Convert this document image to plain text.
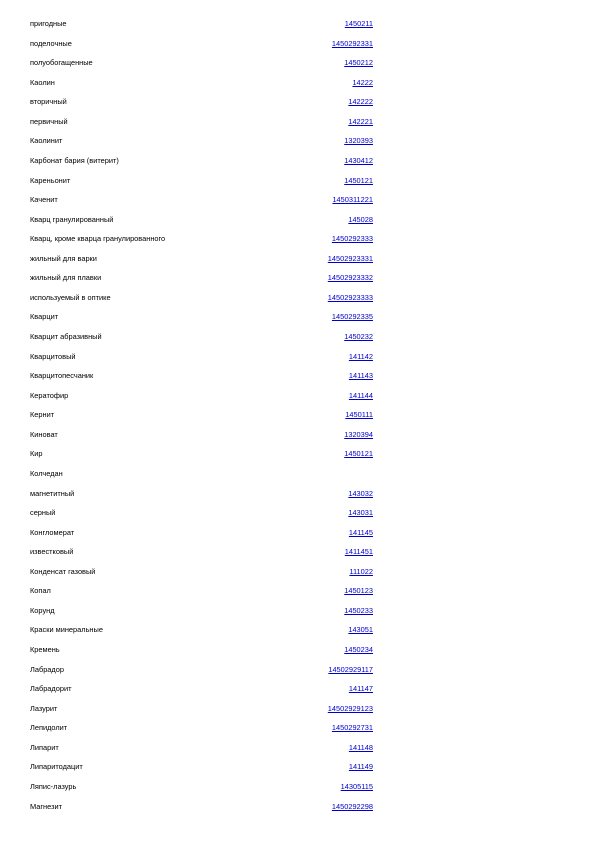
пригодные	1450211
поделочные	1450292331
полуобогащенные	1450212
Каолин	14222
вторичный	142222
первичный	142221
Каолинит	1320393
Карбонат бария (витерит)	1430412
Кареньонит	1450121
Каченит	1450311221
Кварц гранулированный	145028
Кварц, кроме кварца гранулированного	1450292333
жильный для варки	14502923331
жильный для плавки	14502923332
используемый в оптике	14502923333
Кварцит	1450292335
Кварцит абразивный	1450232
Кварцитовый	141142
Кварцитопесчаник	141143
Кератофир	141144
Кернит	1450111
Киноват	1320394
Кир	1450121
Колчедан
магнетитный	143032
серный	143031
Конгломерат	141145
известковый	1411451
Конденсат газовый	111022
Копал	1450123
Корунд	1450233
Краски минеральные	143051
Кремень	1450234
Лабрадор	14502929117
Лабрадорит	141147
Лазурит	14502929123
Лепидолит	1450292731
Липарит	141148
Липаритодацит	141149
Ляпис-лазурь	14305115
Магнезит	1450292298
